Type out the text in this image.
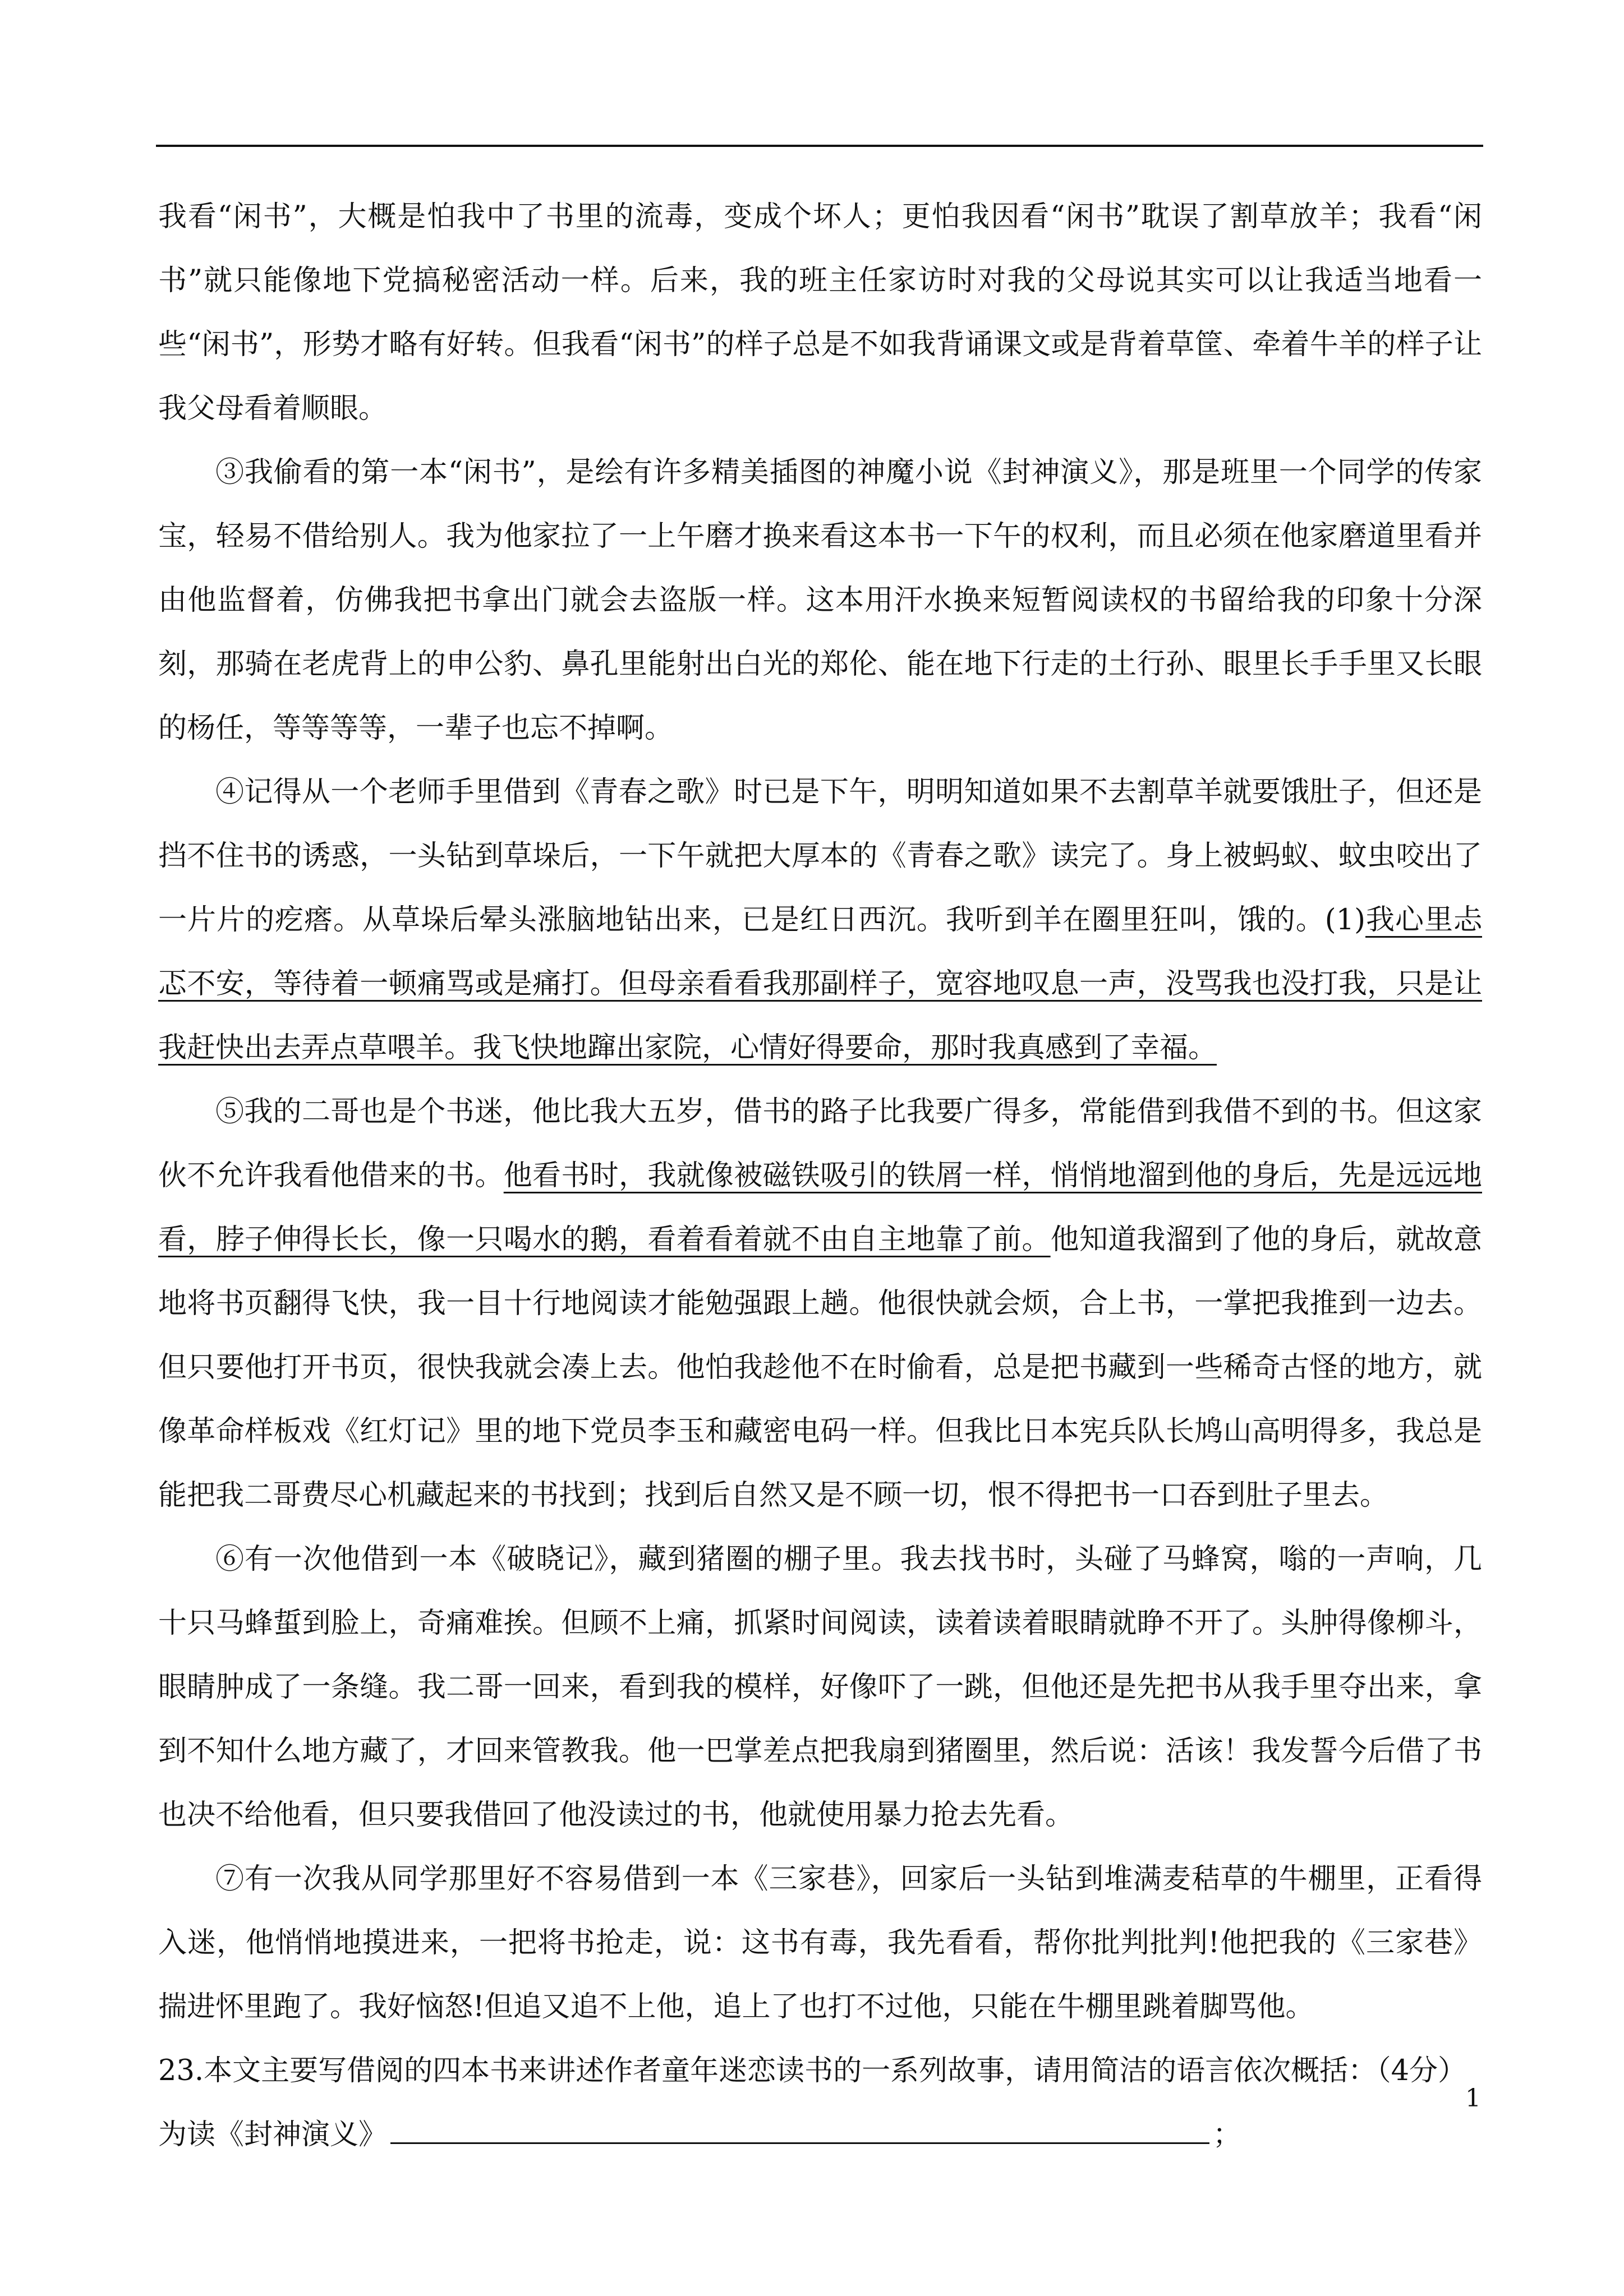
我看“闲书”，大概是怕我中了书里的流毒，变成个坏人；更怕我因看“闲书”耽误了割草放羊；我看“闲书”就只能像地下党搞秘密活动一样。后来，我的班主任家访时对我的父母说其实可以让我适当地看一些“闲书”，形势才略有好转。但我看“闲书”的样子总是不如我背诵课文或是背着草筐、牵着牛羊的样子让我父母看着顺眼。

③我偷看的第一本“闲书”，是绘有许多精美插图的神魔小说《封神演义》，那是班里一个同学的传家宝，轻易不借给别人。我为他家拉了一上午磨才换来看这本书一下午的权利，而且必须在他家磨道里看并由他监督着，仿佛我把书拿出门就会去盗版一样。这本用汗水换来短暂阅读权的书留给我的印象十分深刻，那骑在老虎背上的申公豹、鼻孔里能射出白光的郑伦、能在地下行走的土行孙、眼里长手手里又长眼的杨任，等等等等，一辈子也忘不掉啊。

④记得从一个老师手里借到《青春之歌》时已是下午，明明知道如果不去割草羊就要饿肚子，但还是挡不住书的诱惑，一头钻到草垛后，一下午就把大厚本的《青春之歌》读完了。身上被蚂蚁、蚊虫咬出了一片片的疙瘩。从草垛后晕头涨脑地钻出来，已是红日西沉。我听到羊在圈里狂叫，饿的。(1)我心里忐忑不安，等待着一顿痛骂或是痛打。但母亲看看我那副样子，宽容地叹息一声，没骂我也没打我，只是让我赶快出去弄点草喂羊。我飞快地蹿出家院，心情好得要命，那时我真感到了幸福。

⑤我的二哥也是个书迷，他比我大五岁，借书的路子比我要广得多，常能借到我借不到的书。但这家伙不允许我看他借来的书。他看书时，我就像被磁铁吸引的铁屑一样，悄悄地溜到他的身后，先是远远地看，脖子伸得长长，像一只喝水的鹅，看着看着就不由自主地靠了前。他知道我溜到了他的身后，就故意地将书页翻得飞快，我一目十行地阅读才能勉强跟上趟。他很快就会烦，合上书，一掌把我推到一边去。但只要他打开书页，很快我就会凑上去。他怕我趁他不在时偷看，总是把书藏到一些稀奇古怪的地方，就像革命样板戏《红灯记》里的地下党员李玉和藏密电码一样。但我比日本宪兵队长鸠山高明得多，我总是能把我二哥费尽心机藏起来的书找到；找到后自然又是不顾一切，恨不得把书一口吞到肚子里去。

⑥有一次他借到一本《破晓记》，藏到猪圈的棚子里。我去找书时，头碰了马蜂窝，嗡的一声响，几十只马蜂蜇到脸上，奇痛难挨。但顾不上痛，抓紧时间阅读，读着读着眼睛就睁不开了。头肿得像柳斗，眼睛肿成了一条缝。我二哥一回来，看到我的模样，好像吓了一跳，但他还是先把书从我手里夺出来，拿到不知什么地方藏了，才回来管教我。他一巴掌差点把我扇到猪圈里，然后说：活该！我发誓今后借了书也决不给他看，但只要我借回了他没读过的书，他就使用暴力抢去先看。

⑦有一次我从同学那里好不容易借到一本《三家巷》，回家后一头钻到堆满麦秸草的牛棚里，正看得入迷，他悄悄地摸进来，一把将书抢走，说：这书有毒，我先看看，帮你批判批判!他把我的《三家巷》揣进怀里跑了。我好恼怒!但追又追不上他，追上了也打不过他，只能在牛棚里跳着脚骂他。

23.本文主要写借阅的四本书来讲述作者童年迷恋读书的一系列故事，请用简洁的语言依次概括：（4分）

为读《封神演义》	；

1
